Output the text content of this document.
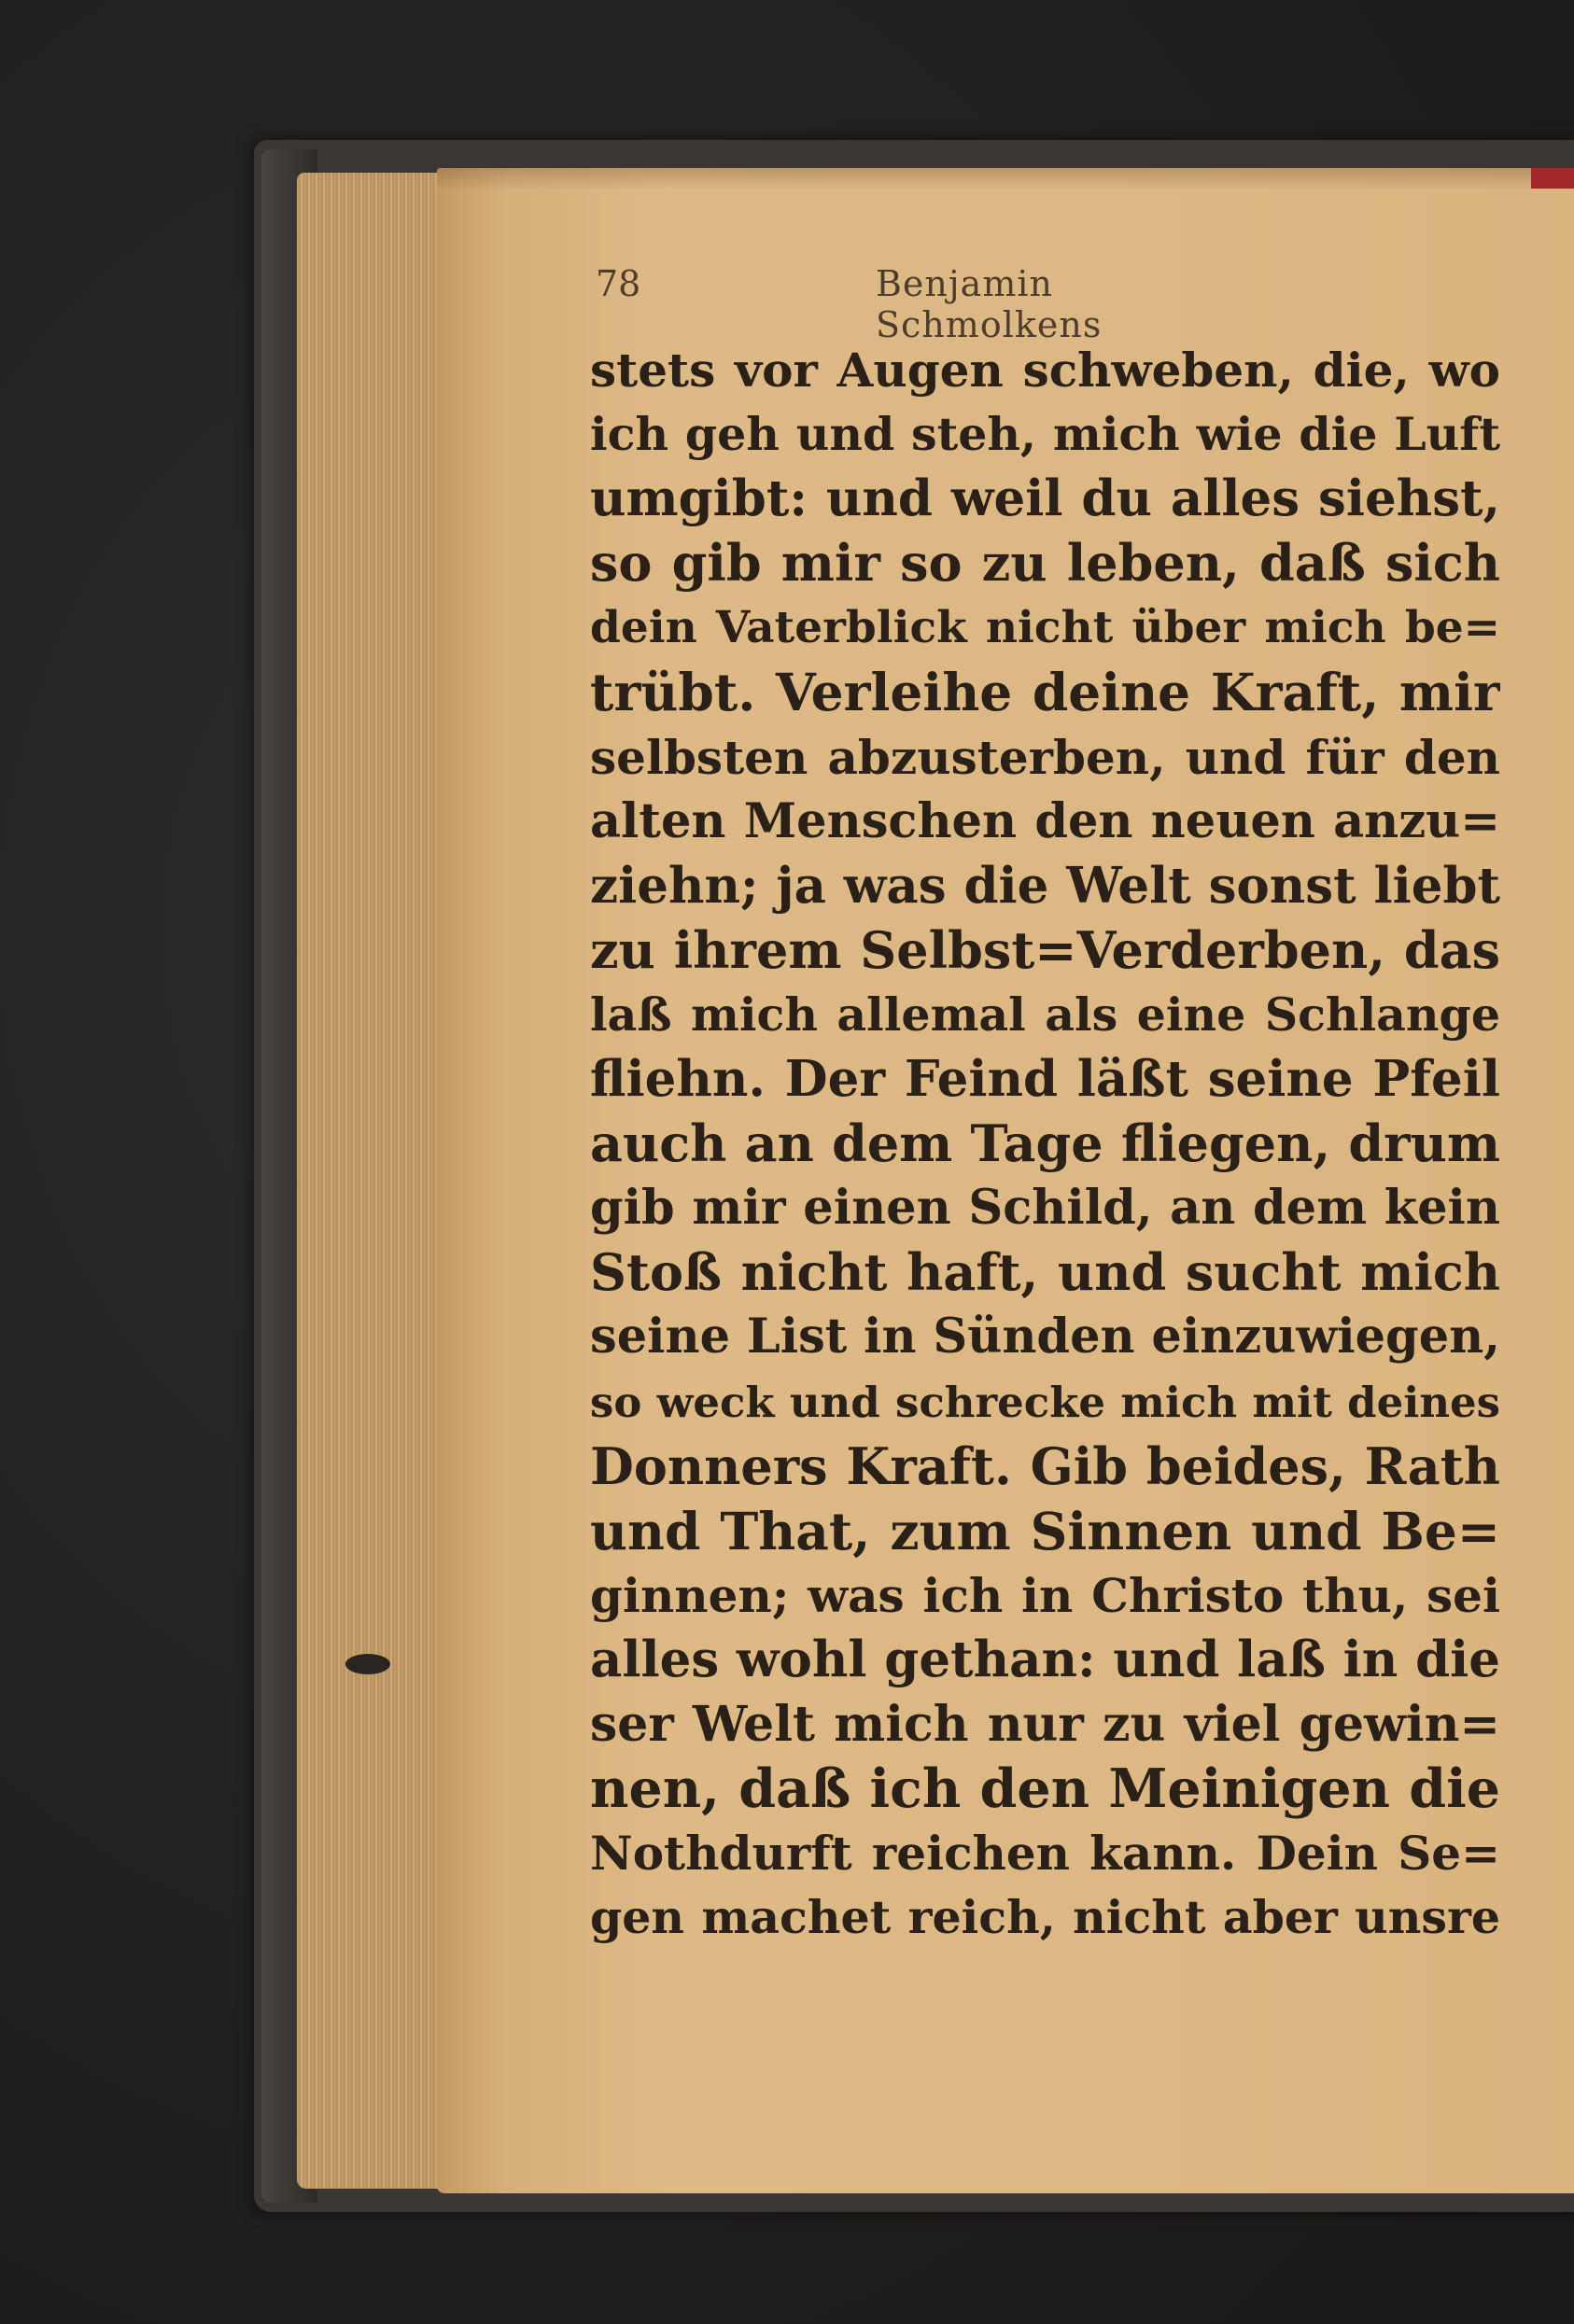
78	Benjamin Schmolkens
stets vor Augen schweben, die, wo
ich geh und steh, mich wie die Luft
umgibt: und weil du alles siehst,
so gib mir so zu leben, daß sich
dein Vaterblick nicht über mich be=
trübt. Verleihe deine Kraft, mir
selbsten abzusterben, und für den
alten Menschen den neuen anzu=
ziehn; ja was die Welt sonst liebt
zu ihrem Selbst=Verderben, das
laß mich allemal als eine Schlange
fliehn. Der Feind läßt seine Pfeil
auch an dem Tage fliegen, drum
gib mir einen Schild, an dem kein
Stoß nicht haft, und sucht mich
seine List in Sünden einzuwiegen,
so weck und schrecke mich mit deines
Donners Kraft. Gib beides, Rath
und That, zum Sinnen und Be=
ginnen; was ich in Christo thu, sei
alles wohl gethan: und laß in die
ser Welt mich nur zu viel gewin=
nen, daß ich den Meinigen die
Nothdurft reichen kann. Dein Se=
gen machet reich, nicht aber unsre
